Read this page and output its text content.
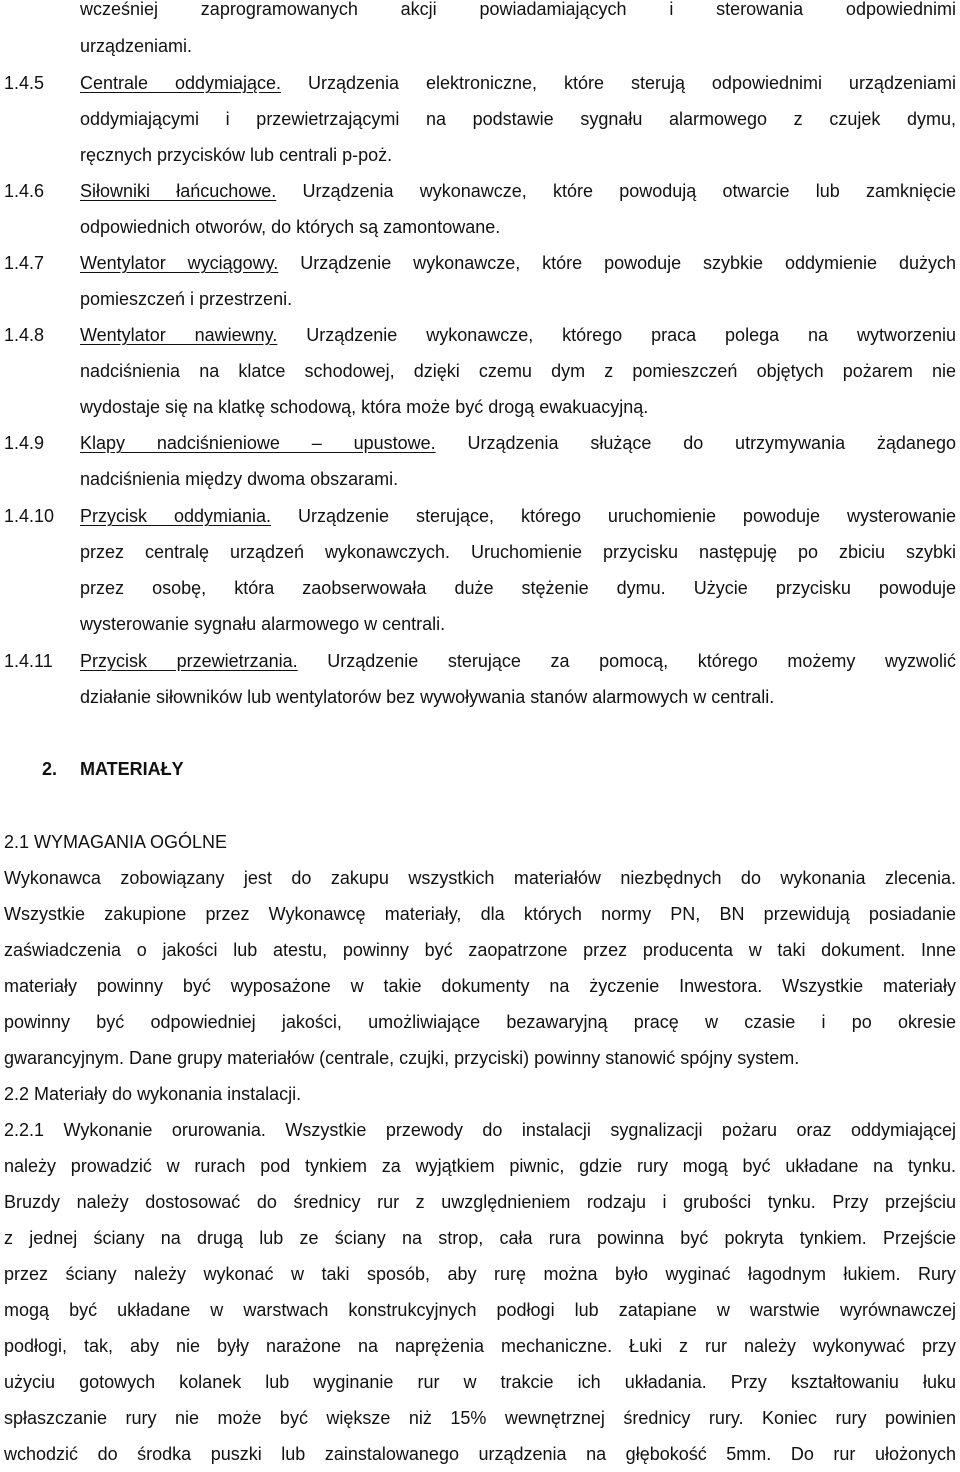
wcześniej zaprogramowanych akcji powiadamiających i sterowania odpowiednimi
urządzeniami.
1.4.5 Centrale oddymiające. Urządzenia elektroniczne, które sterują odpowiednimi urządzeniami
oddymiającymi i przewietrzającymi na podstawie sygnału alarmowego z czujek dymu,
ręcznych przycisków lub centrali p-poż.
1.4.6 Siłowniki łańcuchowe. Urządzenia wykonawcze, które powodują otwarcie lub zamknięcie
odpowiednich otworów, do których są zamontowane.
1.4.7 Wentylator wyciągowy. Urządzenie wykonawcze, które powoduje szybkie oddymienie dużych
pomieszczeń i przestrzeni.
1.4.8 Wentylator nawiewny. Urządzenie wykonawcze, którego praca polega na wytworzeniu
nadciśnienia na klatce schodowej, dzięki czemu dym z pomieszczeń objętych pożarem nie
wydostaje się na klatkę schodową, która może być drogą ewakuacyjną.
1.4.9 Klapy nadciśnieniowe – upustowe. Urządzenia służące do utrzymywania żądanego
nadciśnienia między dwoma obszarami.
1.4.10 Przycisk oddymiania. Urządzenie sterujące, którego uruchomienie powoduje wysterowanie
przez centralę urządzeń wykonawczych. Uruchomienie przycisku następuję po zbiciu szybki
przez osobę, która zaobserwowała duże stężenie dymu. Użycie przycisku powoduje
wysterowanie sygnału alarmowego w centrali.
1.4.11 Przycisk przewietrzania. Urządzenie sterujące za pomocą, którego możemy wyzwolić
działanie siłowników lub wentylatorów bez wywoływania stanów alarmowych w centrali.
2. MATERIAŁY
2.1 WYMAGANIA OGÓLNE
Wykonawca zobowiązany jest do zakupu wszystkich materiałów niezbędnych do wykonania zlecenia.
Wszystkie zakupione przez Wykonawcę materiały, dla których normy PN, BN przewidują posiadanie
zaświadczenia o jakości lub atestu, powinny być zaopatrzone przez producenta w taki dokument. Inne
materiały powinny być wyposażone w takie dokumenty na życzenie Inwestora. Wszystkie materiały
powinny być odpowiedniej jakości, umożliwiające bezawaryjną pracę w czasie i po okresie
gwarancyjnym. Dane grupy materiałów (centrale, czujki, przyciski) powinny stanowić spójny system.
2.2 Materiały do wykonania instalacji.
2.2.1 Wykonanie orurowania. Wszystkie przewody do instalacji sygnalizacji pożaru oraz oddymiającej
należy prowadzić w rurach pod tynkiem za wyjątkiem piwnic, gdzie rury mogą być układane na tynku.
Bruzdy należy dostosować do średnicy rur z uwzględnieniem rodzaju i grubości tynku. Przy przejściu
z jednej ściany na drugą lub ze ściany na strop, cała rura powinna być pokryta tynkiem. Przejście
przez ściany należy wykonać w taki sposób, aby rurę można było wyginać łagodnym łukiem. Rury
mogą być układane w warstwach konstrukcyjnych podłogi lub zatapiane w warstwie wyrównawczej
podłogi, tak, aby nie były narażone na naprężenia mechaniczne. Łuki z rur należy wykonywać przy
użyciu gotowych kolanek lub wyginanie rur w trakcie ich układania. Przy kształtowaniu łuku
spłaszczanie rury nie może być większe niż 15% wewnętrznej średnicy rury. Koniec rury powinien
wchodzić do środka puszki lub zainstalowanego urządzenia na głębokość 5mm. Do rur ułożonych
